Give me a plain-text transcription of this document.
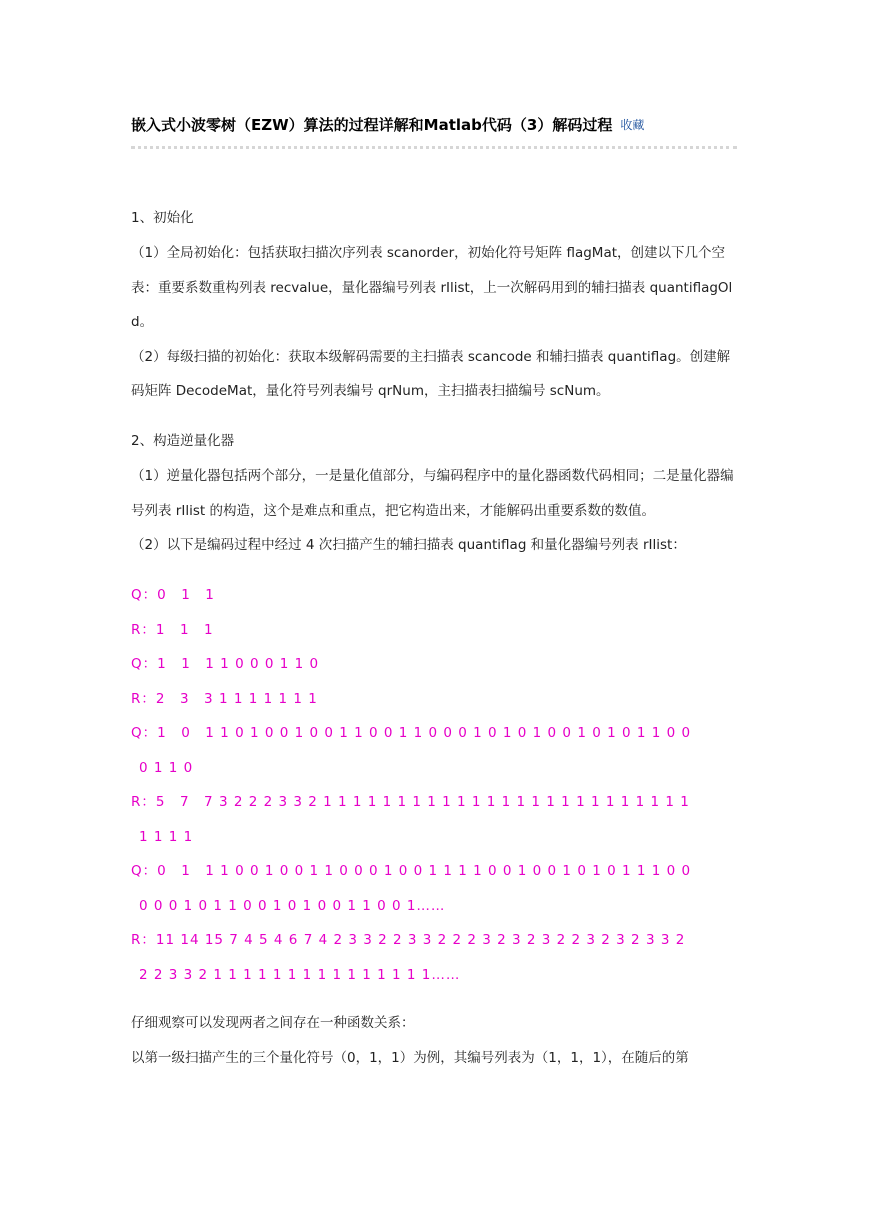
嵌入式小波零树（EZW）算法的过程详解和Matlab代码（3）解码过程 收藏
1、初始化

（1）全局初始化：包括获取扫描次序列表 scanorder，初始化符号矩阵 flagMat，创建以下几个空表：重要系数重构列表 recvalue，量化器编号列表 rIlist，上一次解码用到的辅扫描表 quantiflagOld。

（2）每级扫描的初始化：获取本级解码需要的主扫描表 scancode 和辅扫描表 quantiflag。创建解码矩阵 DecodeMat，量化符号列表编号 qrNum，主扫描表扫描编号 scNum。

2、构造逆量化器

（1）逆量化器包括两个部分，一是量化值部分，与编码程序中的量化器函数代码相同；二是量化器编号列表 rIlist 的构造，这个是难点和重点，把它构造出来，才能解码出重要系数的数值。

（2）以下是编码过程中经过 4 次扫描产生的辅扫描表 quantiflag 和量化器编号列表 rIlist：

Q：0　1　1

R：1　1　1

Q：1　1　1 1 0 0 0 1 1 0

R：2　3　3 1 1 1 1 1 1 1

Q：1　0　1 1 0 1 0 0 1 0 0 1 1 0 0 1 1 0 0 0 1 0 1 0 1 0 0 1 0 1 0 1 1 0 0

0 1 1 0

R：5　7　7 3 2 2 2 3 3 2 1 1 1 1 1 1 1 1 1 1 1 1 1 1 1 1 1 1 1 1 1 1 1 1 1

1 1 1 1

Q：0　1　1 1 0 0 1 0 0 1 1 0 0 0 1 0 0 1 1 1 1 0 0 1 0 0 1 0 1 0 1 1 1 0 0

0 0 0 1 0 1 1 0 0 1 0 1 0 0 1 1 0 0 1……

R：11 14 15 7 4 5 4 6 7 4 2 3 3 2 2 3 3 2 2 2 3 2 3 2 3 2 2 3 2 3 2 3 3 2

2 2 3 3 2 1 1 1 1 1 1 1 1 1 1 1 1 1 1 1……

仔细观察可以发现两者之间存在一种函数关系：

以第一级扫描产生的三个量化符号（0，1，1）为例，其编号列表为（1，1，1），在随后的第
